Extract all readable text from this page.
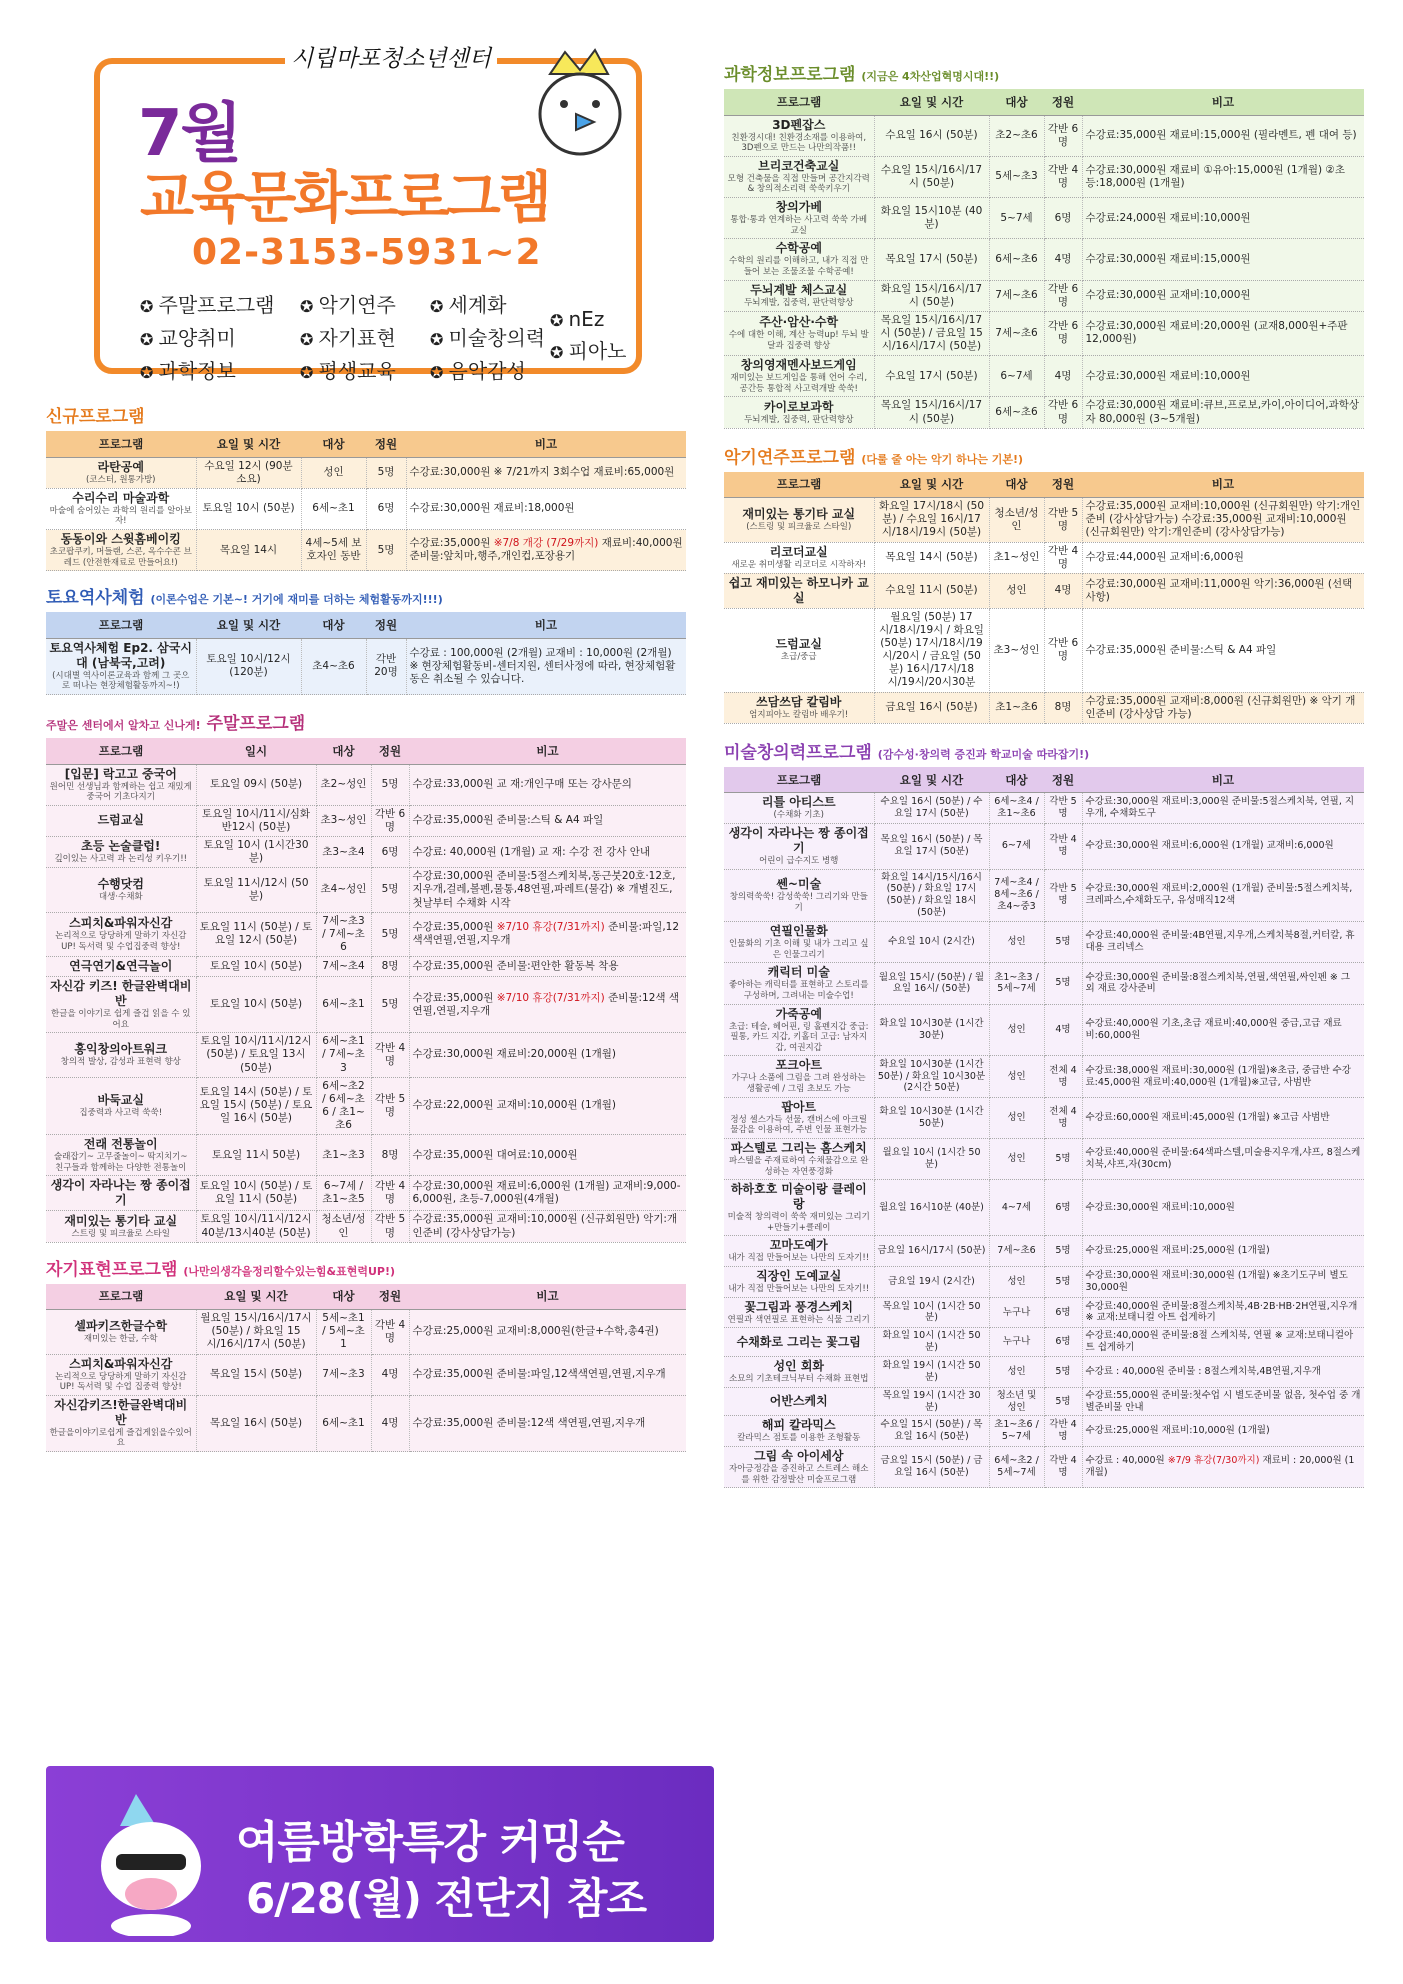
시립마포청소년센터
7월
교육문화프로그램
02-3153-5931~2
✪ 주말프로그램	✪ 악기연주	✪ 세계화
✪ 교양취미	✪ 자기표현	✪ 미술창의력
✪ 과학정보	✪ 평생교육	✪ 음악감성
✪ nEz
✪ 피아노
신규프로그램
프로그램	요일 및 시간	대상	정원	비고

라탄공예
(코스터, 원통가방)	수요일 12시 (90분 소요)	성인	5명	수강료:30,000원 ※ 7/21까지 3회수업 재료비:65,000원

수리수리 마술과학
마술에 숨어있는 과학의 원리를 알아보자!	토요일 10시 (50분)	6세~초1	6명	수강료:30,000원 재료비:18,000원

동동이와 스윗홈베이킹
초코팝쿠키, 머들랜, 스콘, 옥수수콘 브레드 (안전한재료로 만들어요!)	목요일 14시	4세~5세 보호자인 동반	5명	수강료:35,000원 ※7/8 개강 (7/29까지) 재료비:40,000원 준비물:앞치마,행주,개인컵,포장용기
토요역사체험 (이론수업은 기본~! 거기에 재미를 더하는 체험활동까지!!!)
프로그램	요일 및 시간	대상	정원	비고

토요역사체험 Ep2. 삼국시대 (남북국,고려)
(시대별 역사이론교육과 함께 그 곳으로 떠나는 현장체험활동까지~!)	토요일 10시/12시 (120분)	초4~초6	각반 20명	수강료 : 100,000원 (2개월) 교재비 : 10,000원 (2개월) ※ 현장체험활동비-센터지원, 센터사정에 따라, 현장체험활동은 취소될 수 있습니다.
주말은 센터에서 알차고 신나게! 주말프로그램
프로그램	일시	대상	정원	비고

[입문] 락고고 중국어
원어민 선생님과 함께하는 쉽고 재밌게 중국어 기초다지기	토요일 09시 (50분)	초2~성인	5명	수강료:33,000원 교 재:개인구매 또는 강사문의

드럼교실	토요일 10시/11시/심화반12시 (50분)	초3~성인	각반 6명	수강료:35,000원 준비물:스틱 & A4 파일

초등 논술클럽!
깊이있는 사고력 과 논리성 키우기!!	토요일 10시 (1시간30분)	초3~초4	6명	수강료: 40,000원 (1개월) 교 재: 수강 전 강사 안내

수행닷컴
대생·수채화	토요일 11시/12시 (50분)	초4~성인	5명	수강료:30,000원 준비물:5절스케치북,동근붓20호·12호,지우개,걸레,볼펜,물통,48연필,파레트(물감) ※ 개별진도, 첫날부터 수채화 시작

스피치&파워자신감
논리적으로 당당하게 말하기 자신감UP! 독서력 및 수업집중력 향상!	토요일 11시 (50분) / 토요일 12시 (50분)	7세~초3 / 7세~초6	5명	수강료:35,000원 ※7/10 휴강(7/31까지) 준비물:파일,12색색연필,연필,지우개

연극연기&연극놀이	토요일 10시 (50분)	7세~초4	8명	수강료:35,000원 준비물:편안한 활동복 착용

자신감 키즈! 한글완벽대비반
한글을 이야기로 쉽게 즐겁 읽을 수 있어요	토요일 10시 (50분)	6세~초1	5명	수강료:35,000원 ※7/10 휴강(7/31까지) 준비물:12색 색연필,연필,지우개

홍익창의아트워크
창의적 발상, 감성과 표현력 향상	토요일 10시/11시/12시 (50분) / 토요일 13시 (50분)	6세~초1 / 7세~초3	각반 4명	수강료:30,000원 재료비:20,000원 (1개월)

바둑교실
집중력과 사고력 쑥쑥!	토요일 14시 (50분) / 토요일 15시 (50분) / 토요일 16시 (50분)	6세~초2 / 6세~초6 / 초1~초6	각반 5명	수강료:22,000원 교재비:10,000원 (1개월)

전래 전통놀이
술래잡기~ 고무줄놀이~ 딱지치기~ 친구들과 함께하는 다양한 전통놀이	토요일 11시 50분)	초1~초3	8명	수강료:35,000원 대여료:10,000원

생각이 자라나는 짱 종이접기	토요일 10시 (50분) / 토요일 11시 (50분)	6~7세 / 초1~초5	각반 4명	수강료:30,000원 재료비:6,000원 (1개월) 교재비:9,000-6,000원, 초등-7,000원(4개월)

재미있는 통기타 교실
스트링 및 피크율로 스타일	토요일 10시/11시/12시40분/13시40분 (50분)	청소년/성인	각반 5명	수강료:35,000원 교재비:10,000원 (신규회원만) 악기:개인준비 (강사상담가능)
자기표현프로그램 (나만의생각을정리할수있는힘&표현력UP!)
프로그램	요일 및 시간	대상	정원	비고

셀파키즈한글수학
재미있는 한글, 수학	월요일 15시/16시/17시 (50분) / 화요일 15시/16시/17시 (50분)	5세~초1 / 5세~초1	각반 4명	수강료:25,000원 교재비:8,000원(한글+수학,총4권)

스피치&파워자신감
논리적으로 당당하게 말하기 자신감UP! 독서력 및 수업 집중력 향상!	목요일 15시 (50분)	7세~초3	4명	수강료:35,000원 준비물:파일,12색색연필,연필,지우개

자신감키즈!한글완벽대비반
한글을이야기로쉽게 즐겁게읽을수있어요	목요일 16시 (50분)	6세~초1	4명	수강료:35,000원 준비물:12색 색연필,연필,지우개
여름방학특강 커밍순
6/28(월) 전단지 참조
과학정보프로그램 (지금은 4차산업혁명시대!!)
프로그램	요일 및 시간	대상	정원	비고

3D펜잡스
친환경시대! 친환경소재를 이용하여, 3D펜으로 만드는 나만의작품!!	수요일 16시 (50분)	초2~초6	각반 6명	수강료:35,000원 재료비:15,000원 (필라멘트, 펜 대여 등)

브리코건축교실
모형 건축물을 직접 만들며 공간지각력 & 창의적소리력 쑥쑥키우기	수요일 15시/16시/17시 (50분)	5세~초3	각반 4명	수강료:30,000원 재료비 ①유아:15,000원 (1개월) ②초등:18,000원 (1개월)

창의가베
통합·통과 연계하는 사고력 쑥쑥 가베교실	화요일 15시10분 (40분)	5~7세	6명	수강료:24,000원 재료비:10,000원

수학공예
수학의 원리를 이해하고, 내가 직접 만들어 보는 조물조물 수학공예!	목요일 17시 (50분)	6세~초6	4명	수강료:30,000원 재료비:15,000원

두뇌계발 체스교실
두뇌계발, 집중력, 판단력향상	화요일 15시/16시/17시 (50분)	7세~초6	각반 6명	수강료:30,000원 교재비:10,000원

주산·암산·수학
수에 대한 이해, 계산 능력up! 두뇌 발달과 집중력 향상	목요일 15시/16시/17시 (50분) / 금요일 15시/16시/17시 (50분)	7세~초6	각반 6명	수강료:30,000원 재료비:20,000원 (교재8,000원+주판12,000원)

창의영재멘사보드게임
재미있는 보드게임을 통해 언어 수리, 공간등 통합적 사고력개발 쑥쑥!	수요일 17시 (50분)	6~7세	4명	수강료:30,000원 재료비:10,000원

카이로보과학
두뇌계발, 집중력, 판단력향상	목요일 15시/16시/17시 (50분)	6세~초6	각반 6명	수강료:30,000원 재료비:큐브,프로보,카이,아이디어,과학상자 80,000원 (3~5개월)
악기연주프로그램 (다룰 줄 아는 악기 하나는 기본!)
프로그램	요일 및 시간	대상	정원	비고

재미있는 통기타 교실
(스트링 및 피크율로 스타일)	화요일 17시/18시 (50분) / 수요일 16시/17시/18시/19시 (50분)	청소년/성인	각반 5명	수강료:35,000원 교재비:10,000원 (신규회원만) 악기:개인준비 (강사상담가능) 수강료:35,000원 교재비:10,000원 (신규회원만) 악기:개인준비 (강사상담가능)

리코더교실
새로운 취미생활 리코더로 시작하자!	목요일 14시 (50분)	초1~성인	각반 4명	수강료:44,000원 교재비:6,000원

쉽고 재미있는 하모니카 교실	수요일 11시 (50분)	성인	4명	수강료:30,000원 교재비:11,000원 악기:36,000원 (선택사항)

드럼교실
초급/중급	월요일 (50분) 17시/18시/19시 / 화요일 (50분) 17시/18시/19시/20시 / 금요일 (50분) 16시/17시/18시/19시/20시30분	초3~성인	각반 6명	수강료:35,000원 준비물:스틱 & A4 파일

쓰담쓰담 칼림바
엄지피아노 칼림바 배우기!	금요일 16시 (50분)	초1~초6	8명	수강료:35,000원 교재비:8,000원 (신규회원만) ※ 악기 개인준비 (강사상담 가능)
미술창의력프로그램 (감수성·창의력 증진과 학교미술 따라잡기!)
프로그램	요일 및 시간	대상	정원	비고

리틀 아티스트
(수채화 기초)	수요일 16시 (50분) / 수요일 17시 (50분)	6세~초4 / 초1~초6	각반 5명	수강료:30,000원 재료비:3,000원 준비물:5절스케치북, 연필, 지우개, 수채화도구

생각이 자라나는 짱 종이접기
어린이 급수지도 병행	목요일 16시 (50분) / 목요일 17시 (50분)	6~7세	각반 4명	수강료:30,000원 재료비:6,000원 (1개월) 교재비:6,000원

쎈~미술
창의력쑥쑥! 감성쑥쑥! 그리기와 만들기	화요일 14시/15시/16시 (50분) / 화요일 17시 (50분) / 화요일 18시 (50분)	7세~초4 / 8세~초6 / 초4~중3	각반 5명	수강료:30,000원 재료비:2,000원 (1개월) 준비물:5절스케치북,크레파스,수채화도구, 유성매직12색

연필인물화
인물화의 기초 이해 및 내가 그리고 싶은 인물그리기	수요일 10시 (2시간)	성인	5명	수강료:40,000원 준비물:4B연필,지우개,스케치북8절,커터칼, 휴대용 크리넥스

캐릭터 미술
좋아하는 캐릭터를 표현하고 스토리를 구성하며, 그려내는 미술수업!	월요일 15시/ (50분) / 월요일 16시/ (50분)	초1~초3 / 5세~7세	5명	수강료:30,000원 준비물:8절스케치북,연필,색연필,싸인펜 ※ 그 외 재료 강사준비

가죽공예
초급: 테슬, 헤어핀, 링 홀펜지갑 중급: 필통, 카드 지갑, 키홀더 고급: 남자지갑, 여권지갑	화요일 10시30분 (1시간 30분)	성인	4명	수강료:40,000원 기초,초급 재료비:40,000원 중급,고급 재료비:60,000원

포크아트
가구나 소품에 그림을 그려 완성하는 생활공예 / 그림 초보도 가능	화요일 10시30분 (1시간 50분) / 화요일 10시30분 (2시간 50분)	성인	전체 4명	수강료:38,000원 재료비:30,000원 (1개월)※초급, 중급반 수강료:45,000원 재료비:40,000원 (1개월)※고급, 사범반

팝아트
정성 셀스가득 선물, 캔버스에 아크릴물감을 이용하여, 주변 인물 표현가능	화요일 10시30분 (1시간 50분)	성인	전체 4명	수강료:60,000원 재료비:45,000원 (1개월) ※고급 사범반

파스텔로 그리는 홈스케치
파스텔을 주재료하여 수채물감으로 완성하는 자연풍경화	월요일 10시 (1시간 50분)	성인	5명	수강료:40,000원 준비물:64색파스텔,미술용지우개,샤프, 8절스케치북,샤프,자(30cm)

하하호호 미술이랑 클레이랑
미술적 창의력이 쑥쑥 재미있는 그리기+만들기+클레이	월요일 16시10분 (40분)	4~7세	6명	수강료:30,000원 재료비:10,000원

꼬마도예가
내가 직접 만들어보는 나만의 도자기!!	금요일 16시/17시 (50분)	7세~초6	5명	수강료:25,000원 재료비:25,000원 (1개월)

직장인 도예교실
내가 직접 만들어보는 나만의 도자기!!	금요일 19시 (2시간)	성인	5명	수강료:30,000원 재료비:30,000원 (1개월) ※초기도구비 별도 30,000원

꽃그림과 풍경스케치
연필과 색연필로 표현하는 식물 그리기	목요일 10시 (1시간 50분)	누구나	6명	수강료:40,000원 준비물:8절스케치북,4B·2B·HB·2H연필,지우개 ※ 교재:보태니컬 아트 쉽게하기

수채화로 그리는 꽃그림	화요일 10시 (1시간 50분)	누구나	6명	수강료:40,000원 준비물:8절 스케치북, 연필 ※ 교재:보태니컬아트 쉽게하기

성인 회화
소묘의 기초테크닉부터 수채화 표현법	화요일 19시 (1시간 50분)	성인	5명	수강료 : 40,000원 준비물 : 8절스케치북,4B연필,지우개

어반스케치	목요일 19시 (1시간 30분)	청소년 및 성인	5명	수강료:55,000원 준비물:첫수업 시 별도준비물 없음, 첫수업 중 개별준비물 안내

해피 칼라믹스
칼라믹스 점토를 이용한 조형활동	수요일 15시 (50분) / 목요일 16시 (50분)	초1~초6 / 5~7세	각반 4명	수강료:25,000원 재료비:10,000원 (1개월)

그림 속 아이세상
자아긍정감을 증진하고 스트레스 해소를 위한 감정발산 미술프로그램	금요일 15시 (50분) / 금요일 16시 (50분)	6세~초2 / 5세~7세	각반 4명	수강료 : 40,000원 ※7/9 휴강(7/30까지) 재료비 : 20,000원 (1개월)
